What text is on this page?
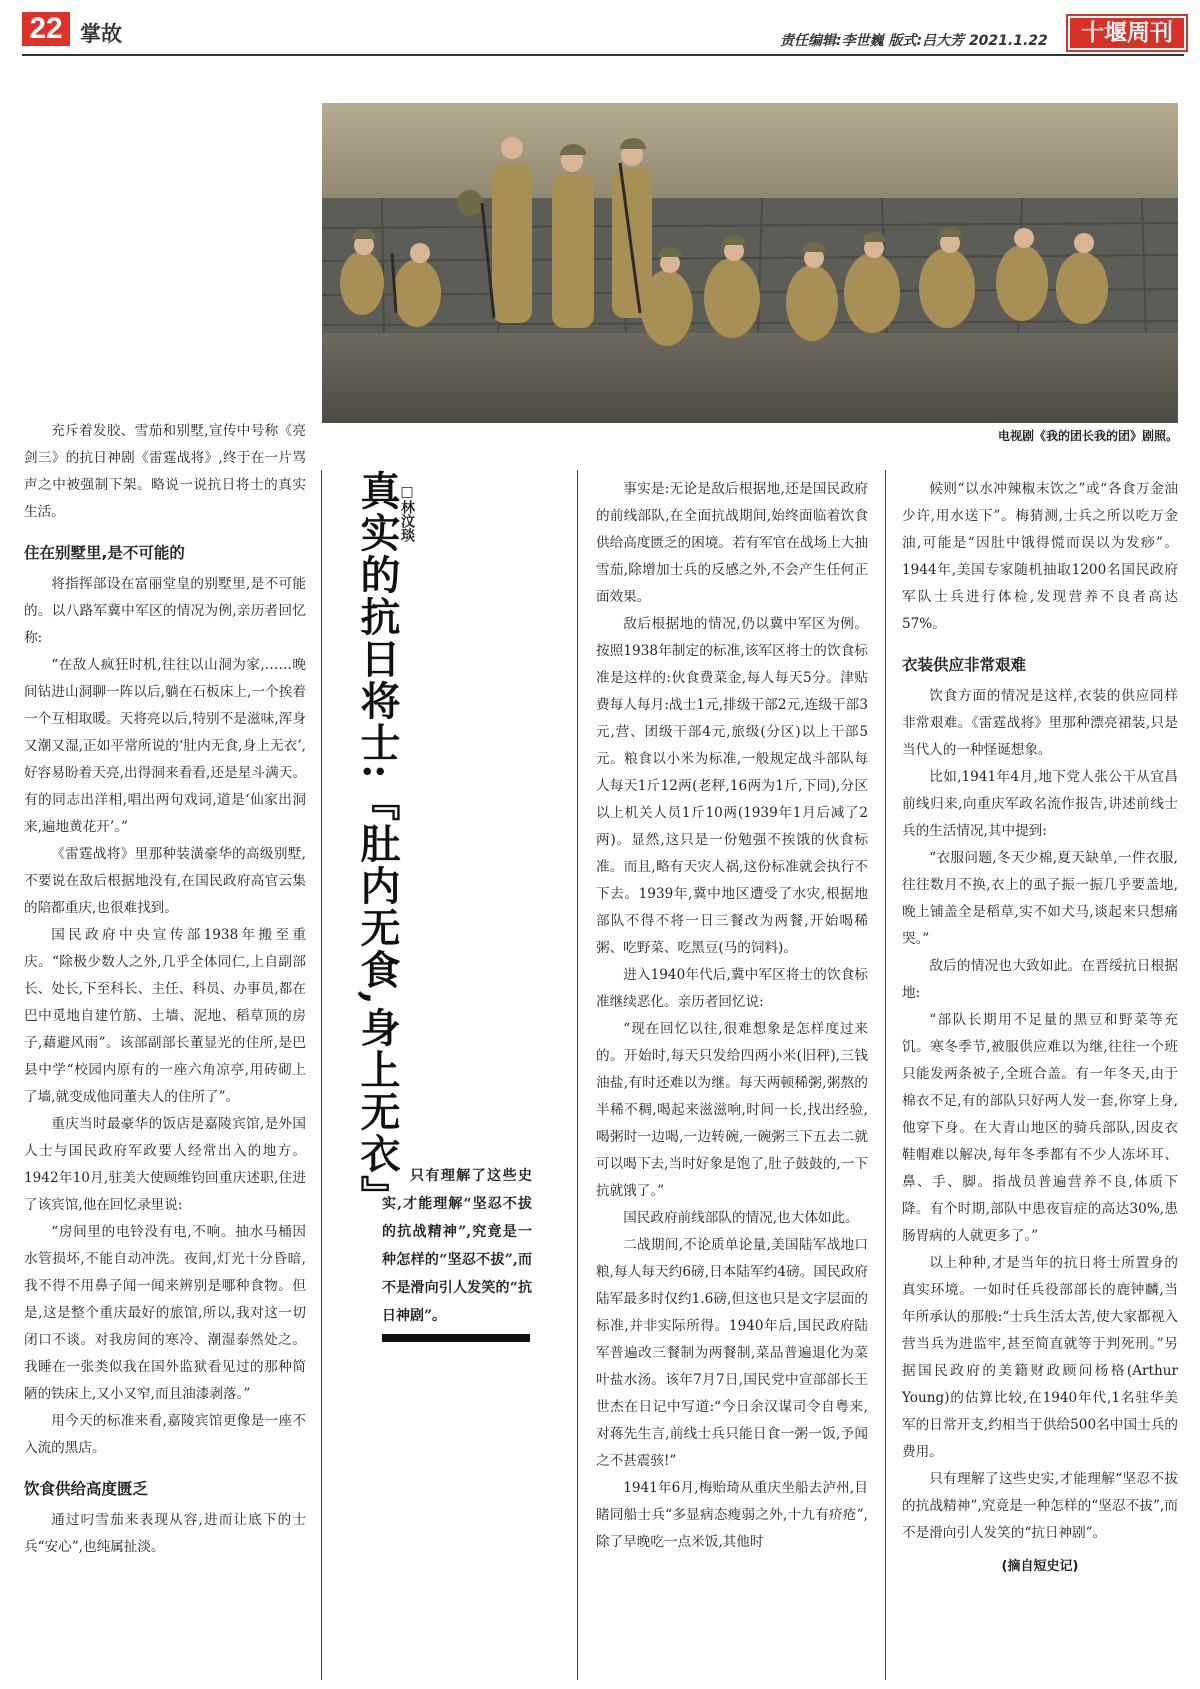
22 掌故	责任编辑:李世巍 版式:吕大芳 2021.1.22	十堰周刊
电视剧《我的团长我的团》剧照。

充斥着发胶、雪茄和别墅,宣传中号称《亮剑三》的抗日神剧《雷霆战将》,终于在一片骂声之中被强制下架。略说一说抗日将士的真实生活。

住在别墅里,是不可能的

将指挥部设在富丽堂皇的别墅里,是不可能的。以八路军冀中军区的情况为例,亲历者回忆称:

“在敌人疯狂时机,往往以山洞为家,……晚间钻进山洞聊一阵以后,躺在石板床上,一个挨着一个互相取暖。天将亮以后,特别不是滋味,浑身又潮又湿,正如平常所说的‘肚内无食,身上无衣’,好容易盼着天亮,出得洞来看看,还是星斗满天。有的同志出洋相,唱出两句戏词,道是‘仙家出洞来,遍地黄花开’。”

《雷霆战将》里那种装潢豪华的高级别墅,不要说在敌后根据地没有,在国民政府高官云集的陪都重庆,也很难找到。

国民政府中央宣传部1938年搬至重庆。“除极少数人之外,几乎全体同仁,上自副部长、处长,下至科长、主任、科员、办事员,都在巴中觅地自建竹筋、土墙、泥地、稻草顶的房子,藉避风雨”。该部副部长董显光的住所,是巴县中学“校园内原有的一座六角凉亭,用砖砌上了墙,就变成他同董夫人的住所了”。

重庆当时最豪华的饭店是嘉陵宾馆,是外国人士与国民政府军政要人经常出入的地方。1942年10月,驻美大使顾维钧回重庆述职,住进了该宾馆,他在回忆录里说:

“房间里的电铃没有电,不响。抽水马桶因水管损坏,不能自动冲洗。夜间,灯光十分昏暗,我不得不用鼻子闻一闻来辨别是哪种食物。但是,这是整个重庆最好的旅馆,所以,我对这一切闭口不谈。对我房间的寒冷、潮湿泰然处之。我睡在一张类似我在国外监狱看见过的那种简陋的铁床上,又小又窄,而且油漆剥落。”

用今天的标准来看,嘉陵宾馆更像是一座不入流的黑店。

饮食供给高度匮乏

通过叼雪茄来表现从容,进而让底下的士兵“安心”,也纯属扯淡。

真实的抗日将士:『肚内无食,身上无衣』
□林汶琰

只有理解了这些史实,才能理解“坚忍不拔的抗战精神”,究竟是一种怎样的“坚忍不拔”,而不是滑向引人发笑的“抗日神剧”。

事实是:无论是敌后根据地,还是国民政府的前线部队,在全面抗战期间,始终面临着饮食供给高度匮乏的困境。若有军官在战场上大抽雪茄,除增加士兵的反感之外,不会产生任何正面效果。

敌后根据地的情况,仍以冀中军区为例。按照1938年制定的标准,该军区将士的饮食标准是这样的:伙食费菜金,每人每天5分。津贴费每人每月:战士1元,排级干部2元,连级干部3元,营、团级干部4元,旅级(分区)以上干部5元。粮食以小米为标准,一般规定战斗部队每人每天1斤12两(老秤,16两为1斤,下同),分区以上机关人员1斤10两(1939年1月后减了2两)。显然,这只是一份勉强不挨饿的伙食标准。而且,略有天灾人祸,这份标准就会执行不下去。1939年,冀中地区遭受了水灾,根据地部队不得不将一日三餐改为两餐,开始喝稀粥、吃野菜、吃黑豆(马的饲料)。

进入1940年代后,冀中军区将士的饮食标准继续恶化。亲历者回忆说:

“现在回忆以往,很难想象是怎样度过来的。开始时,每天只发给四两小米(旧秤),三钱油盐,有时还难以为继。每天两顿稀粥,粥熬的半稀不稠,喝起来滋滋响,时间一长,找出经验,喝粥时一边喝,一边转碗,一碗粥三下五去二就可以喝下去,当时好象是饱了,肚子鼓鼓的,一下抗就饿了。”

国民政府前线部队的情况,也大体如此。

二战期间,不论质单论量,美国陆军战地口粮,每人每天约6磅,日本陆军约4磅。国民政府陆军最多时仅约1.6磅,但这也只是文字层面的标准,并非实际所得。1940年后,国民政府陆军普遍改三餐制为两餐制,菜品普遍退化为菜叶盐水汤。该年7月7日,国民党中宣部部长王世杰在日记中写道:“今日余汉谋司令自粤来,对蒋先生言,前线士兵只能日食一粥一饭,予闻之不甚震骇!”

1941年6月,梅贻琦从重庆坐船去泸州,目睹同船士兵“多显病态瘦弱之外,十九有疥疮”,除了早晚吃一点米饭,其他时

候则“以水冲辣椒末饮之”或“各食万金油少许,用水送下”。梅猜测,士兵之所以吃万金油,可能是“因肚中饿得慌而误以为发痧”。1944年,美国专家随机抽取1200名国民政府军队士兵进行体检,发现营养不良者高达57%。

衣装供应非常艰难

饮食方面的情况是这样,衣装的供应同样非常艰难。《雷霆战将》里那种漂亮裙装,只是当代人的一种怪诞想象。

比如,1941年4月,地下党人张公干从宜昌前线归来,向重庆军政名流作报告,讲述前线士兵的生活情况,其中提到:

“衣服问题,冬天少棉,夏天缺单,一件衣服,往往数月不换,衣上的虱子振一振几乎要盖地,晚上铺盖全是稻草,实不如犬马,谈起来只想痛哭。”

敌后的情况也大致如此。在晋绥抗日根据地:

“部队长期用不足量的黑豆和野菜等充饥。寒冬季节,被服供应难以为继,往往一个班只能发两条被子,全班合盖。有一年冬天,由于棉衣不足,有的部队只好两人发一套,你穿上身,他穿下身。在大青山地区的骑兵部队,因皮衣鞋帽难以解决,每年冬季都有不少人冻坏耳、鼻、手、脚。指战员普遍营养不良,体质下降。有个时期,部队中患夜盲症的高达30%,患肠胃病的人就更多了。”

以上种种,才是当年的抗日将士所置身的真实环境。一如时任兵役部部长的鹿钟麟,当年所承认的那般:“士兵生活太苦,使大家都视入营当兵为进监牢,甚至简直就等于判死刑。”另据国民政府的美籍财政顾问杨格(Arthur Young)的估算比较,在1940年代,1名驻华美军的日常开支,约相当于供给500名中国士兵的费用。

只有理解了这些史实,才能理解“坚忍不拔的抗战精神”,究竟是一种怎样的“坚忍不拔”,而不是滑向引人发笑的“抗日神剧”。

(摘自短史记)
